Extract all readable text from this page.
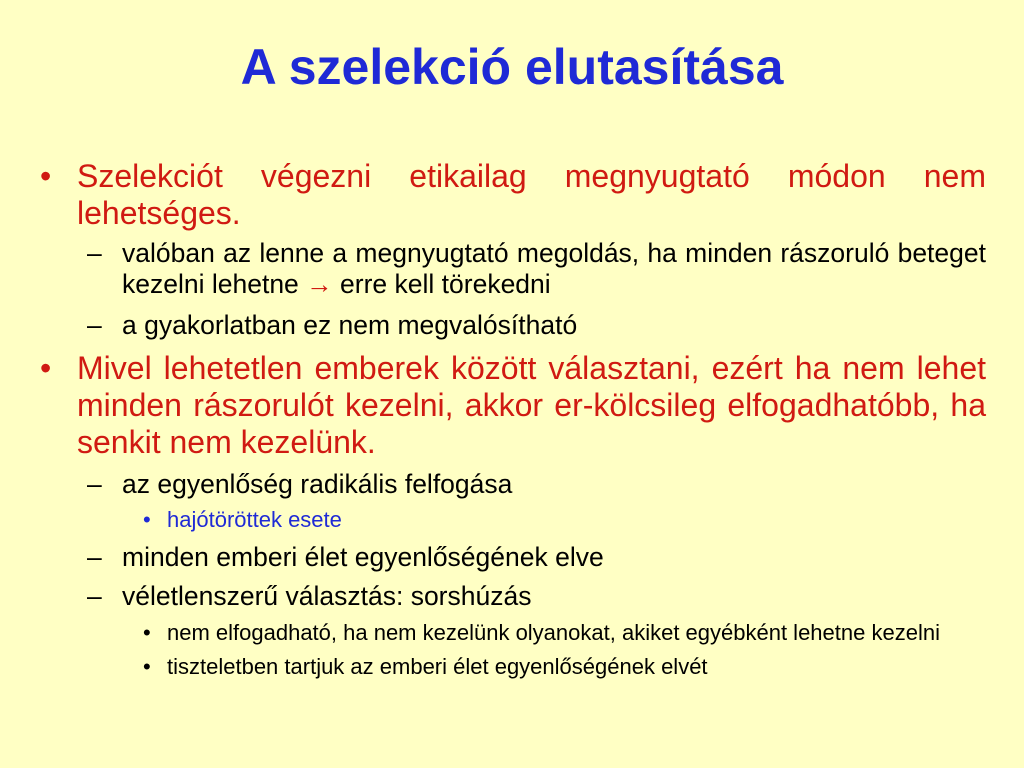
A szelekció elutasítása
• Szelekciót végezni etikailag megnyugtató módon nem lehetséges.
– valóban az lenne a megnyugtató megoldás, ha minden rászoruló beteget kezelni lehetne → erre kell törekedni
– a gyakorlatban ez nem megvalósítható
• Mivel lehetetlen emberek között választani, ezért ha nem lehet minden rászorulót kezelni, akkor er-kölcsileg elfogadhatóbb, ha senkit nem kezelünk.
– az egyenlőség radikális felfogása
• hajótöröttek esete
– minden emberi élet egyenlőségének elve
– véletlenszerű választás: sorshúzás
• nem elfogadható, ha nem kezelünk olyanokat, akiket egyébként lehetne kezelni
• tiszteletben tartjuk az emberi élet egyenlőségének elvét
